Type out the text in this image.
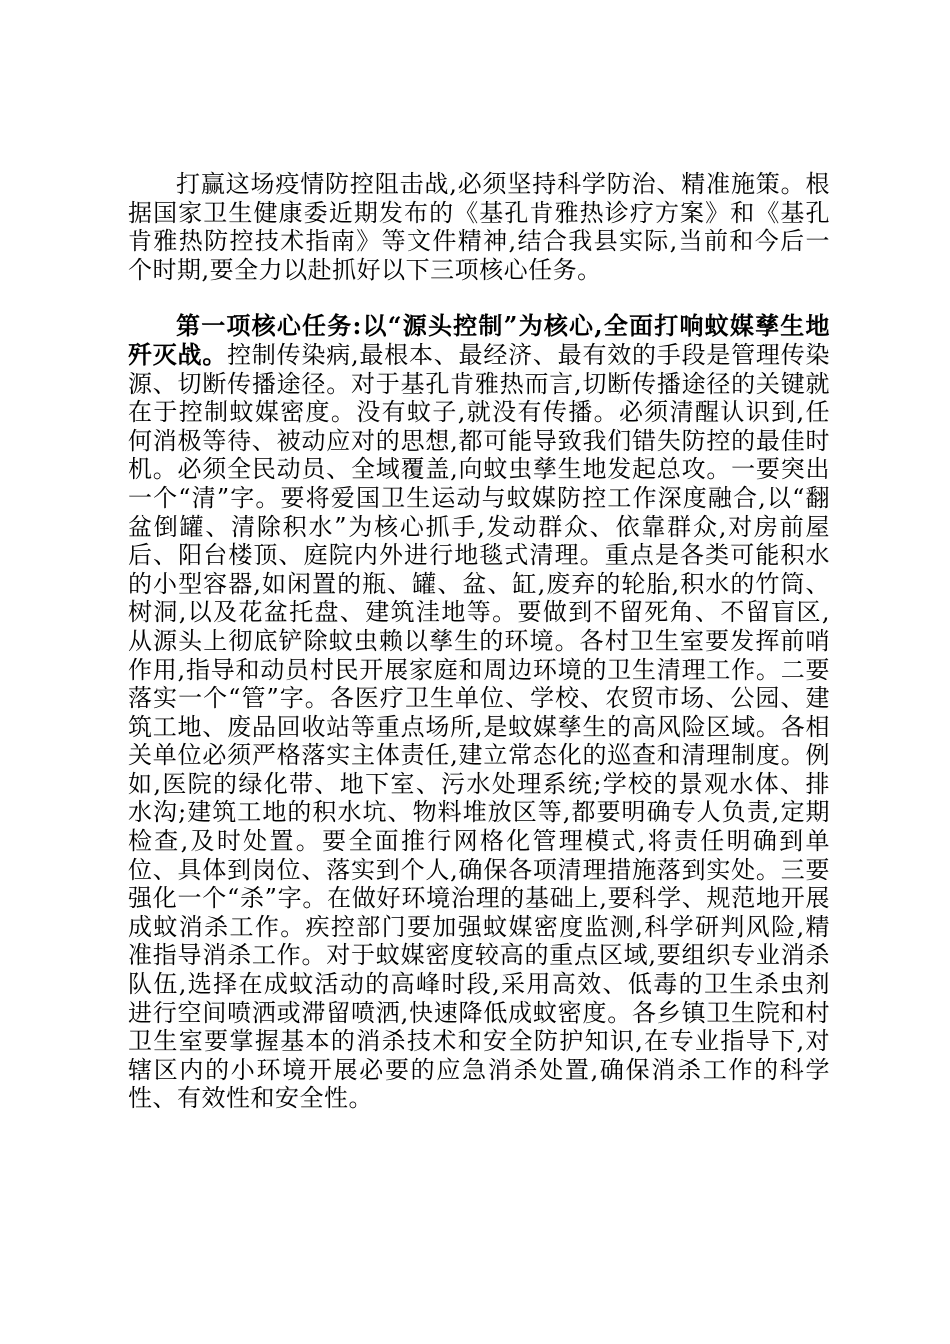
打赢这场疫情防控阻击战,必须坚持科学防治、精准施策。根据国家卫生健康委近期发布的《基孔肯雅热诊疗方案》和《基孔肯雅热防控技术指南》等文件精神,结合我县实际,当前和今后一个时期,要全力以赴抓好以下三项核心任务。

第一项核心任务:以“源头控制”为核心,全面打响蚊媒孳生地歼灭战。控制传染病,最根本、最经济、最有效的手段是管理传染源、切断传播途径。对于基孔肯雅热而言,切断传播途径的关键就在于控制蚊媒密度。没有蚊子,就没有传播。必须清醒认识到,任何消极等待、被动应对的思想,都可能导致我们错失防控的最佳时机。必须全民动员、全域覆盖,向蚊虫孳生地发起总攻。一要突出一个“清”字。要将爱国卫生运动与蚊媒防控工作深度融合,以“翻盆倒罐、清除积水”为核心抓手,发动群众、依靠群众,对房前屋后、阳台楼顶、庭院内外进行地毯式清理。重点是各类可能积水的小型容器,如闲置的瓶、罐、盆、缸,废弃的轮胎,积水的竹筒、树洞,以及花盆托盘、建筑洼地等。要做到不留死角、不留盲区,从源头上彻底铲除蚊虫赖以孳生的环境。各村卫生室要发挥前哨作用,指导和动员村民开展家庭和周边环境的卫生清理工作。二要落实一个“管”字。各医疗卫生单位、学校、农贸市场、公园、建筑工地、废品回收站等重点场所,是蚊媒孳生的高风险区域。各相关单位必须严格落实主体责任,建立常态化的巡查和清理制度。例如,医院的绿化带、地下室、污水处理系统;学校的景观水体、排水沟;建筑工地的积水坑、物料堆放区等,都要明确专人负责,定期检查,及时处置。要全面推行网格化管理模式,将责任明确到单位、具体到岗位、落实到个人,确保各项清理措施落到实处。三要强化一个“杀”字。在做好环境治理的基础上,要科学、规范地开展成蚊消杀工作。疾控部门要加强蚊媒密度监测,科学研判风险,精准指导消杀工作。对于蚊媒密度较高的重点区域,要组织专业消杀队伍,选择在成蚊活动的高峰时段,采用高效、低毒的卫生杀虫剂进行空间喷洒或滞留喷洒,快速降低成蚊密度。各乡镇卫生院和村卫生室要掌握基本的消杀技术和安全防护知识,在专业指导下,对辖区内的小环境开展必要的应急消杀处置,确保消杀工作的科学性、有效性和安全性。
